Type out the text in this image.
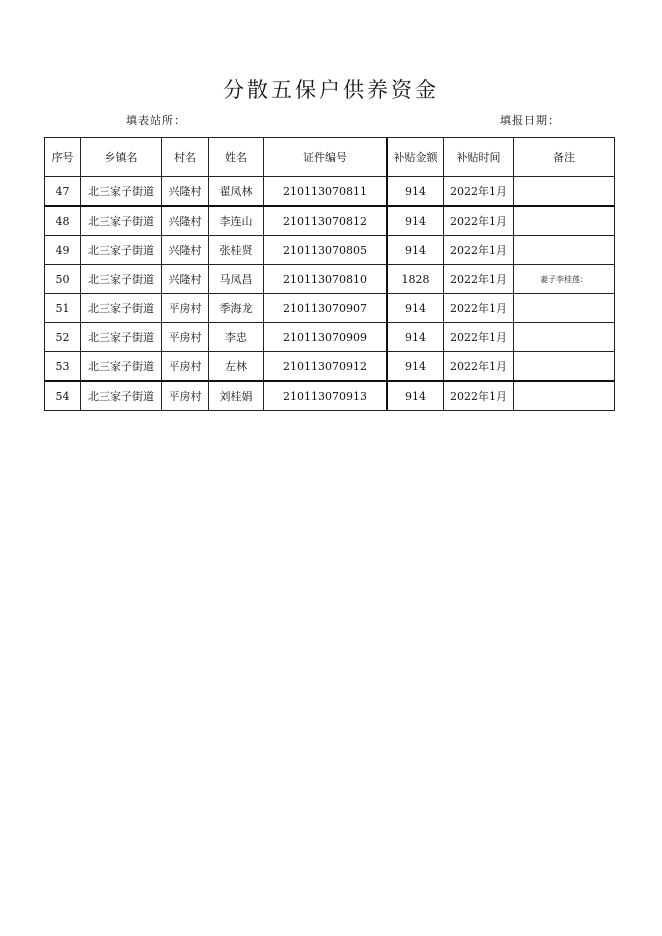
分散五保户供养资金
填表站所：	填报日期：
序号	乡镇名	村名	姓名	证件编号	补贴金额	补贴时间	备注
47	北三家子街道	兴隆村	翟凤林	210113070811	914	2022年1月	
48	北三家子街道	兴隆村	李连山	210113070812	914	2022年1月	
49	北三家子街道	兴隆村	张桂贤	210113070805	914	2022年1月	
50	北三家子街道	兴隆村	马凤昌	210113070810	1828	2022年1月	妻子李桂莲：
51	北三家子街道	平房村	季海龙	210113070907	914	2022年1月	
52	北三家子街道	平房村	李忠	210113070909	914	2022年1月	
53	北三家子街道	平房村	左林	210113070912	914	2022年1月	
54	北三家子街道	平房村	刘桂娟	210113070913	914	2022年1月	
